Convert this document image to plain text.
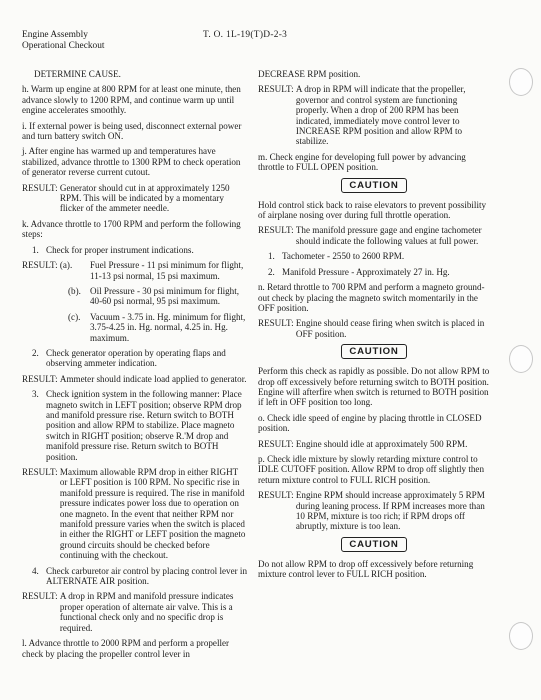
Engine Assembly
Operational Checkout
T. O. 1L-19(T)D-2-3

DETERMINE CAUSE.

h. Warm up engine at 800 RPM for at least one minute, then advance slowly to 1200 RPM, and continue warm up until engine accelerates smoothly.

i. If external power is being used, disconnect external power and turn battery switch ON.

j. After engine has warmed up and temperatures have stabilized, advance throttle to 1300 RPM to check operation of generator reverse current cutout.

RESULT: Generator should cut in at approximately 1250 RPM. This will be indicated by a momentary flicker of the ammeter needle.

k. Advance throttle to 1700 RPM and perform the following steps:

1. Check for proper instrument indications.
RESULT: (a).	Fuel Pressure - 11 psi minimum for flight, 11-13 psi normal, 15 psi maximum.
(b).	Oil Pressure - 30 psi minimum for flight, 40-60 psi normal, 95 psi maximum.
(c).	Vacuum - 3.75 in. Hg. minimum for flight, 3.75-4.25 in. Hg. normal, 4.25 in. Hg. maximum.
2. Check generator operation by operating flaps and observing ammeter indication.
RESULT: Ammeter should indicate load applied to generator.
3. Check ignition system in the following manner: Place magneto switch in LEFT position; observe RPM drop and manifold pressure rise. Return switch to BOTH position and allow RPM to stabilize. Place magneto switch in RIGHT position; observe R.'M drop and manifold pressure rise. Return switch to BOTH position.
RESULT: Maximum allowable RPM drop in either RIGHT or LEFT position is 100 RPM. No specific rise in manifold pressure is required. The rise in manifold pressure indicates power loss due to operation on one magneto. In the event that neither RPM nor manifold pressure varies when the switch is placed in either the RIGHT or LEFT position the magneto ground circuits should be checked before continuing with the checkout.
4. Check carburetor air control by placing control lever in ALTERNATE AIR position.
RESULT: A drop in RPM and manifold pressure indicates proper operation of alternate air valve. This is a functional check only and no specific drop is required.

l. Advance throttle to 2000 RPM and perform a propeller check by placing the propeller control lever in

DECREASE RPM position.

RESULT: A drop in RPM will indicate that the propeller, governor and control system are functioning properly. When a drop of 200 RPM has been indicated, immediately move control lever to INCREASE RPM position and allow RPM to stabilize.

m. Check engine for developing full power by advancing throttle to FULL OPEN position.

CAUTION

Hold control stick back to raise elevators to prevent possibility of airplane nosing over during full throttle operation.

RESULT: The manifold pressure gage and engine tachometer should indicate the following values at full power.
1. Tachometer - 2550 to 2600 RPM.
2. Manifold Pressure - Approximately 27 in. Hg.

n. Retard throttle to 700 RPM and perform a magneto ground-out check by placing the magneto switch momentarily in the OFF position.

RESULT: Engine should cease firing when switch is placed in OFF position.
CAUTION

Perform this check as rapidly as possible. Do not allow RPM to drop off excessively before returning switch to BOTH position. Engine will afterfire when switch is returned to BOTH position if left in OFF position too long.

o. Check idle speed of engine by placing throttle in CLOSED position.

RESULT: Engine should idle at approximately 500 RPM.

p. Check idle mixture by slowly retarding mixture control to IDLE CUTOFF position. Allow RPM to drop off slightly then return mixture control to FULL RICH position.

RESULT: Engine RPM should increase approximately 5 RPM during leaning process. If RPM increases more than 10 RPM, mixture is too rich; if RPM drops off abruptly, mixture is too lean.
CAUTION

Do not allow RPM to drop off excessively before returning mixture control lever to FULL RICH position.
